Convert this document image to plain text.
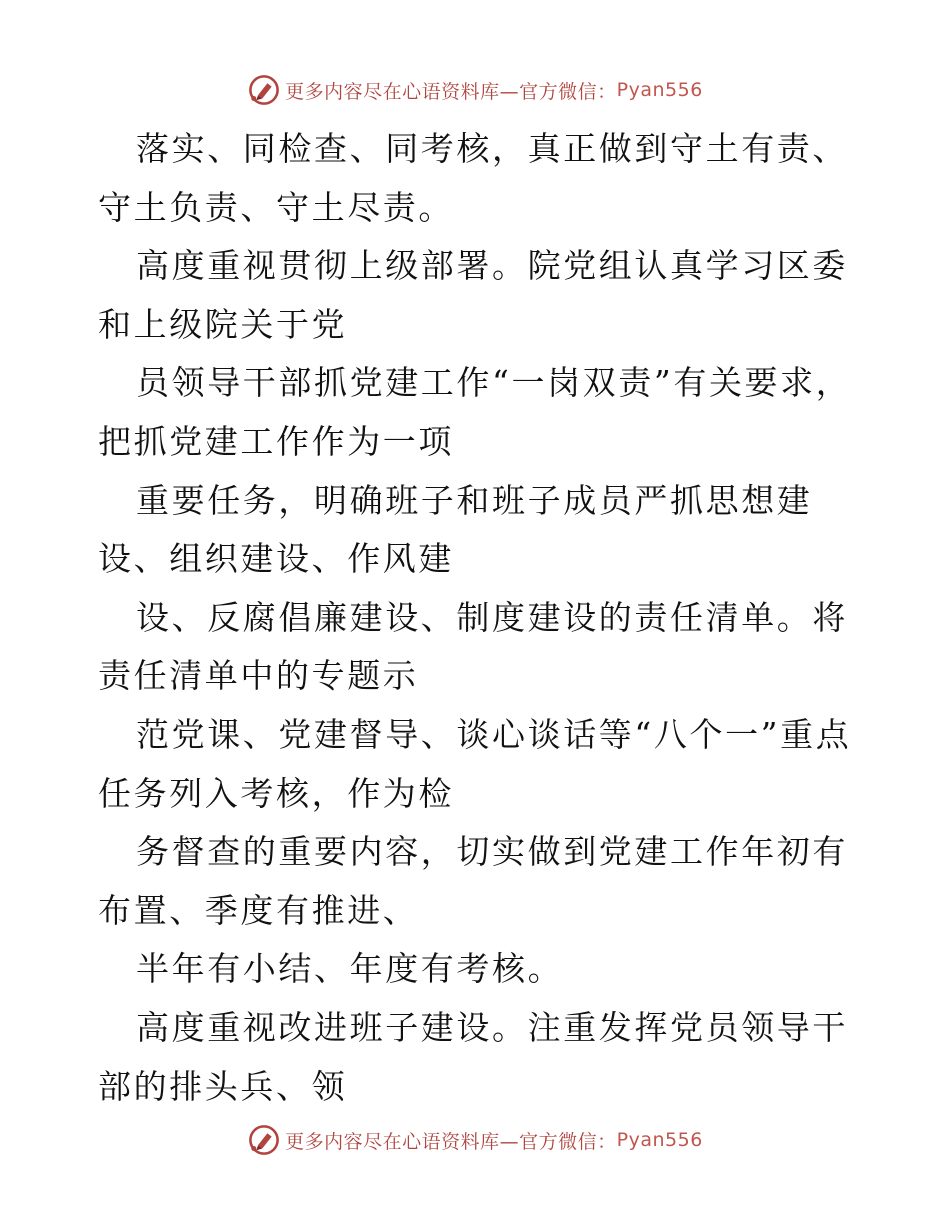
更多内容尽在心语资料库—官方微信： Pyan556

落实、同检查、同考核，真正做到守土有责、守土负责、守土尽责。

高度重视贯彻上级部署。院党组认真学习区委和上级院关于党

员领导干部抓党建工作“一岗双责”有关要求，把抓党建工作作为一项

重要任务，明确班子和班子成员严抓思想建设、组织建设、作风建

设、反腐倡廉建设、制度建设的责任清单。将责任清单中的专题示

范党课、党建督导、谈心谈话等“八个一”重点任务列入考核，作为检

务督查的重要内容，切实做到党建工作年初有布置、季度有推进、

半年有小结、年度有考核。

高度重视改进班子建设。注重发挥党员领导干部的排头兵、领

更多内容尽在心语资料库—官方微信： Pyan556
